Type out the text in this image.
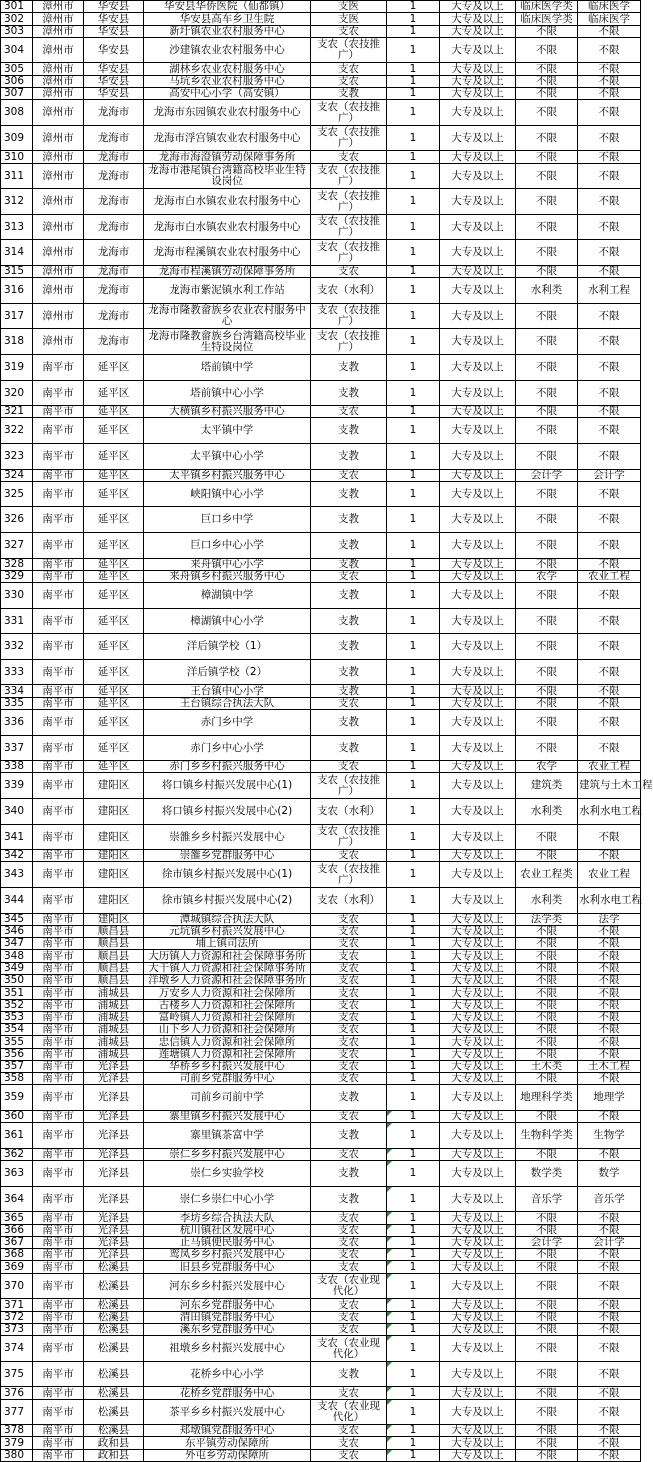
301	漳州市	华安县	华安县华侨医院（仙都镇）	支医	1	大专及以上	临床医学类	临床医学
302	漳州市	华安县	华安县高车乡卫生院	支医	1	大专及以上	临床医学类	临床医学
303	漳州市	华安县	新圩镇农业农村服务中心	支农	1	大专及以上	不限	不限
304	漳州市	华安县	沙建镇农业农村服务中心	支农（农技推广）	1	大专及以上	不限	不限
305	漳州市	华安县	湖林乡农业农村服务中心	支农	1	大专及以上	不限	不限
306	漳州市	华安县	马坑乡农业农村服务中心	支农	1	大专及以上	不限	不限
307	漳州市	华安县	高安中心小学（高安镇）	支教	1	大专及以上	不限	不限
308	漳州市	龙海市	龙海市东园镇农业农村服务中心	支农（农技推广）	1	大专及以上	不限	不限
309	漳州市	龙海市	龙海市浮宫镇农业农村服务中心	支农（农技推广）	1	大专及以上	不限	不限
310	漳州市	龙海市	龙海市海澄镇劳动保障事务所	支农	1	大专及以上	不限	不限
311	漳州市	龙海市	龙海市港尾镇台湾籍高校毕业生特设岗位	支农（农技推广）	1	大专及以上	不限	不限
312	漳州市	龙海市	龙海市白水镇农业农村服务中心	支农（农技推广）	1	大专及以上	不限	不限
313	漳州市	龙海市	龙海市白水镇农业农村服务中心	支农（农技推广）	1	大专及以上	不限	不限
314	漳州市	龙海市	龙海市程溪镇农业农村服务中心	支农（农技推广）	1	大专及以上	不限	不限
315	漳州市	龙海市	龙海市程溪镇劳动保障事务所	支农	1	大专及以上	不限	不限
316	漳州市	龙海市	龙海市紫泥镇水利工作站	支农（水利）	1	大专及以上	水利类	水利工程
317	漳州市	龙海市	龙海市隆教畲族乡农业农村服务中心	支农（农技推广）	1	大专及以上	不限	不限
318	漳州市	龙海市	龙海市隆教畲族乡台湾籍高校毕业生特设岗位	支农（农技推广）	1	大专及以上	不限	不限
319	南平市	延平区	塔前镇中学	支教	1	大专及以上	不限	不限
320	南平市	延平区	塔前镇中心小学	支教	1	大专及以上	不限	不限
321	南平市	延平区	大横镇乡村振兴服务中心	支农	1	大专及以上	不限	不限
322	南平市	延平区	太平镇中学	支教	1	大专及以上	不限	不限
323	南平市	延平区	太平镇中心小学	支教	1	大专及以上	不限	不限
324	南平市	延平区	太平镇乡村振兴服务中心	支农	1	大专及以上	会计学	会计学
325	南平市	延平区	峡阳镇中心小学	支教	1	大专及以上	不限	不限
326	南平市	延平区	巨口乡中学	支教	1	大专及以上	不限	不限
327	南平市	延平区	巨口乡中心小学	支教	1	大专及以上	不限	不限
328	南平市	延平区	来舟镇中心小学	支教	1	大专及以上	不限	不限
329	南平市	延平区	来舟镇乡村振兴服务中心	支农	1	大专及以上	农学	农业工程
330	南平市	延平区	樟湖镇中学	支教	1	大专及以上	不限	不限
331	南平市	延平区	樟湖镇中心小学	支教	1	大专及以上	不限	不限
332	南平市	延平区	洋后镇学校（1）	支教	1	大专及以上	不限	不限
333	南平市	延平区	洋后镇学校（2）	支教	1	大专及以上	不限	不限
334	南平市	延平区	王台镇中心小学	支教	1	大专及以上	不限	不限
335	南平市	延平区	王台镇综合执法大队	支农	1	大专及以上	不限	不限
336	南平市	延平区	赤门乡中学	支教	1	大专及以上	不限	不限
337	南平市	延平区	赤门乡中心小学	支教	1	大专及以上	不限	不限
338	南平市	延平区	赤门乡乡村振兴服务中心	支农	1	大专及以上	农学	农业工程
339	南平市	建阳区	将口镇乡村振兴发展中心(1)	支农（农技推广）	1	大专及以上	建筑类	建筑与土木工程
340	南平市	建阳区	将口镇乡村振兴发展中心(2)	支农（水利）	1	大专及以上	水利类	水利水电工程
341	南平市	建阳区	崇雒乡乡村振兴发展中心	支农（农技推广）	1	大专及以上	不限	不限
342	南平市	建阳区	崇雒乡党群服务中心	支农	1	大专及以上	不限	不限
343	南平市	建阳区	徐市镇乡村振兴发展中心(1)	支农（农技推广）	1	大专及以上	农业工程类	农业工程
344	南平市	建阳区	徐市镇乡村振兴发展中心(2)	支农（水利）	1	大专及以上	水利类	水利水电工程
345	南平市	建阳区	潭城镇综合执法大队	支农	1	大专及以上	法学类	法学
346	南平市	顺昌县	元坑镇乡村振兴发展中心	支农	1	大专及以上	不限	不限
347	南平市	顺昌县	埔上镇司法所	支农	1	大专及以上	不限	不限
348	南平市	顺昌县	大历镇人力资源和社会保障事务所	支农	1	大专及以上	不限	不限
349	南平市	顺昌县	大干镇人力资源和社会保障事务所	支农	1	大专及以上	不限	不限
350	南平市	顺昌县	洋墩乡人力资源和社会保障事务所	支农	1	大专及以上	不限	不限
351	南平市	浦城县	万安乡人力资源和社会保障所	支农	1	大专及以上	不限	不限
352	南平市	浦城县	古楼乡人力资源和社会保障所	支农	1	大专及以上	不限	不限
353	南平市	浦城县	富岭镇人力资源和社会保障所	支农	1	大专及以上	不限	不限
354	南平市	浦城县	山下乡人力资源和社会保障所	支农	1	大专及以上	不限	不限
355	南平市	浦城县	忠信镇人力资源和社会保障所	支农	1	大专及以上	不限	不限
356	南平市	浦城县	莲塘镇人力资源和社会保障所	支农	1	大专及以上	不限	不限
357	南平市	光泽县	华桥乡乡村振兴发展中心	支农	1	大专及以上	土木类	土木工程
358	南平市	光泽县	司前乡党群服务中心	支农	1	大专及以上	不限	不限
359	南平市	光泽县	司前乡司前中学	支教	1	大专及以上	地理科学类	地理学
360	南平市	光泽县	寨里镇乡村振兴发展中心	支农	1	大专及以上	不限	不限
361	南平市	光泽县	寨里镇茶富中学	支教	1	大专及以上	生物科学类	生物学
362	南平市	光泽县	崇仁乡乡村振兴发展中心	支农	1	大专及以上	不限	不限
363	南平市	光泽县	崇仁乡实验学校	支教	1	大专及以上	数学类	数学
364	南平市	光泽县	崇仁乡崇仁中心小学	支教	1	大专及以上	音乐学	音乐学
365	南平市	光泽县	李坊乡综合执法大队	支农	1	大专及以上	不限	不限
366	南平市	光泽县	杭川镇社区发展中心	支农	1	大专及以上	不限	不限
367	南平市	光泽县	止马镇便民服务中心	支农	1	大专及以上	会计学	会计学
368	南平市	光泽县	鸾凤乡乡村振兴发展中心	支农	1	大专及以上	不限	不限
369	南平市	松溪县	旧县乡党群服务中心	支农	1	大专及以上	不限	不限
370	南平市	松溪县	河东乡乡村振兴发展中心	支农（农业现代化）	1	大专及以上	不限	不限
371	南平市	松溪县	河东乡党群服务中心	支农	1	大专及以上	不限	不限
372	南平市	松溪县	渭田镇党群服务中心	支农	1	大专及以上	不限	不限
373	南平市	松溪县	溪东乡党群服务中心	支农	1	大专及以上	不限	不限
374	南平市	松溪县	祖墩乡乡村振兴发展中心	支农（农业现代化）	1	大专及以上	不限	不限
375	南平市	松溪县	花桥乡中心小学	支教	1	大专及以上	不限	不限
376	南平市	松溪县	花桥乡党群服务中心	支农	1	大专及以上	不限	不限
377	南平市	松溪县	茶平乡乡村振兴发展中心	支农（农业现代化）	1	大专及以上	不限	不限
378	南平市	松溪县	郑墩镇党群服务中心	支农	1	大专及以上	不限	不限
379	南平市	政和县	东平镇劳动保障所	支农	1	大专及以上	不限	不限
380	南平市	政和县	外屯乡劳动保障所	支农	1	大专及以上	不限	不限
